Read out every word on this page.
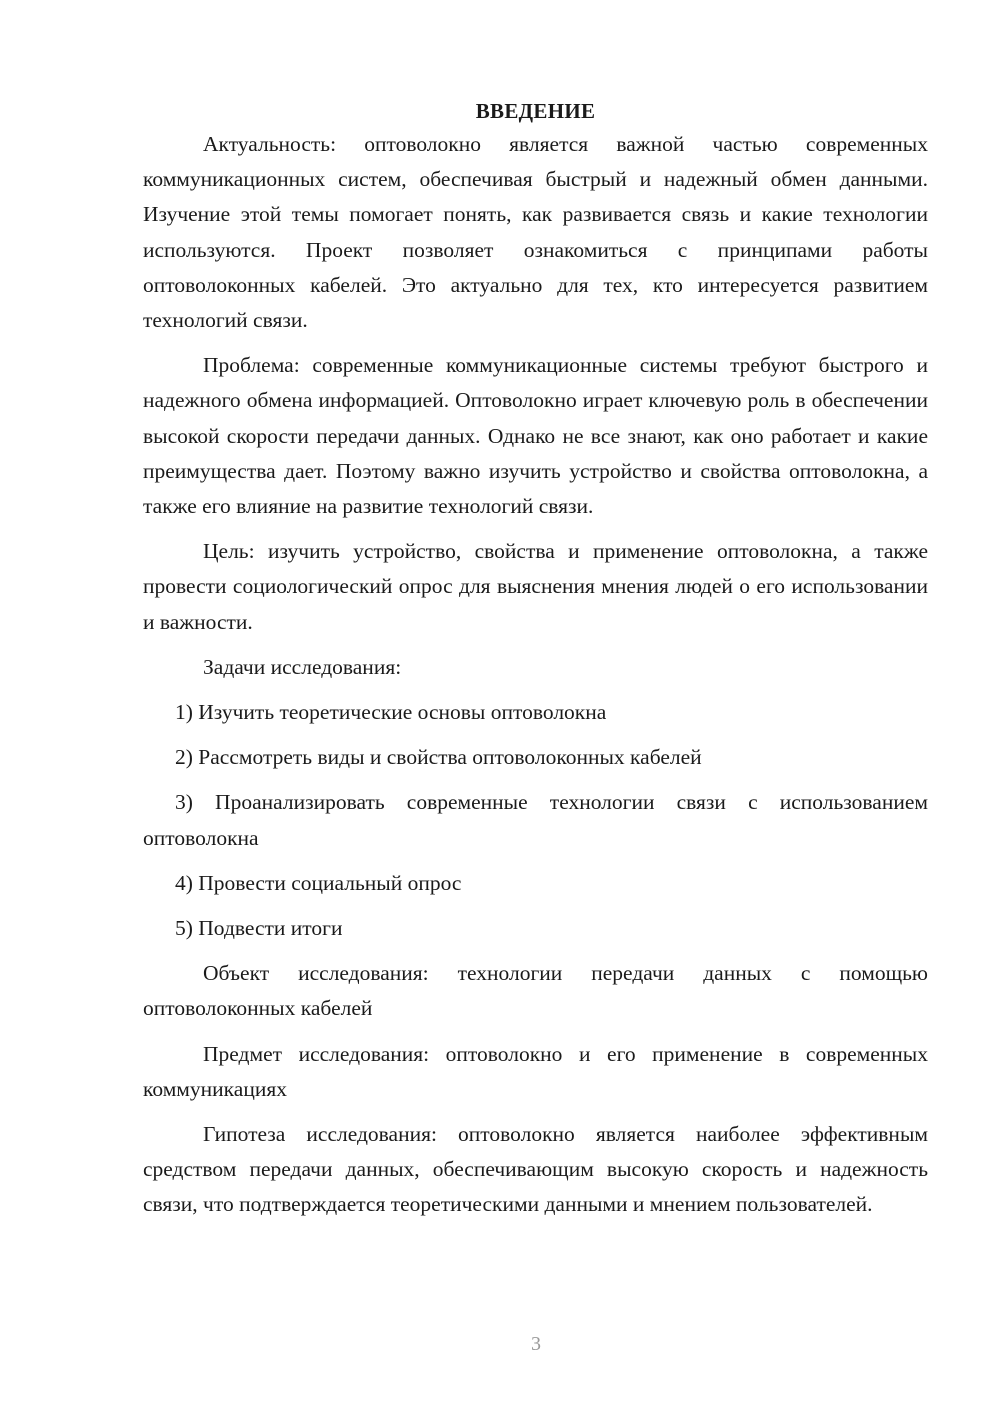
ВВЕДЕНИЕ

Актуальность: оптоволокно является важной частью современных коммуникационных систем, обеспечивая быстрый и надежный обмен данными. Изучение этой темы помогает понять, как развивается связь и какие технологии используются. Проект позволяет ознакомиться с принципами работы оптоволоконных кабелей. Это актуально для тех, кто интересуется развитием технологий связи.

Проблема: современные коммуникационные системы требуют быстрого и надежного обмена информацией. Оптоволокно играет ключевую роль в обеспечении высокой скорости передачи данных. Однако не все знают, как оно работает и какие преимущества дает. Поэтому важно изучить устройство и свойства оптоволокна, а также его влияние на развитие технологий связи.

Цель: изучить устройство, свойства и применение оптоволокна, а также провести социологический опрос для выяснения мнения людей о его использовании и важности.

Задачи исследования:

1) Изучить теоретические основы оптоволокна

2) Рассмотреть виды и свойства оптоволоконных кабелей

3) Проанализировать современные технологии связи с использованием оптоволокна

4) Провести социальный опрос

5) Подвести итоги

Объект исследования: технологии передачи данных с помощью оптоволоконных кабелей

Предмет исследования: оптоволокно и его применение в современных коммуникациях

Гипотеза исследования: оптоволокно является наиболее эффективным средством передачи данных, обеспечивающим высокую скорость и надежность связи, что подтверждается теоретическими данными и мнением пользователей.

3
